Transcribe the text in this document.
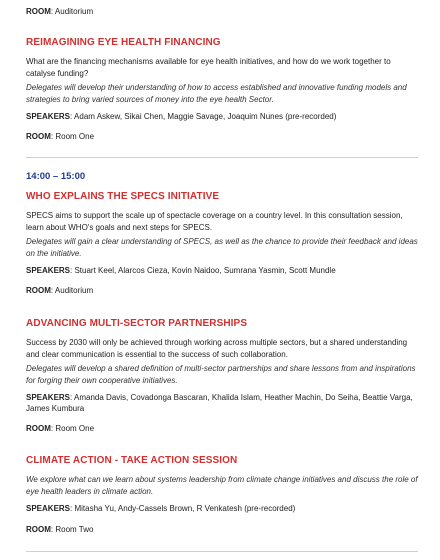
ROOM: Auditorium
REIMAGINING EYE HEALTH FINANCING
What are the financing mechanisms available for eye health initiatives, and how do we work together to catalyse funding?
Delegates will develop their understanding of how to access established and innovative funding models and strategies to bring varied sources of money into the eye health Sector.
SPEAKERS: Adam Askew, Sikai Chen, Maggie Savage, Joaquim Nunes (pre-recorded)
ROOM: Room One
14:00 – 15:00
WHO EXPLAINS THE SPECS INITIATIVE
SPECS aims to support the scale up of spectacle coverage on a country level. In this consultation session, learn about WHO's goals and next steps for SPECS.
Delegates will gain a clear understanding of SPECS, as well as the chance to provide their feedback and ideas on the initiative.
SPEAKERS: Stuart Keel, Alarcos Cieza, Kovin Naidoo, Sumrana Yasmin, Scott Mundle
ROOM: Auditorium
ADVANCING MULTI-SECTOR PARTNERSHIPS
Success by 2030 will only be achieved through working across multiple sectors, but a shared understanding and clear communication is essential to the success of such collaboration.
Delegates will develop a shared definition of multi-sector partnerships and share lessons from and inspirations for forging their own cooperative initiatives.
SPEAKERS: Amanda Davis, Covadonga Bascaran, Khalida Islam, Heather Machin, Do Seiha, Beattie Varga, James Kumbura
ROOM: Room One
CLIMATE ACTION - TAKE ACTION SESSION
We explore what can we learn about systems leadership from climate change initiatives and discuss the role of eye health leaders in climate action.
SPEAKERS: Mitasha Yu, Andy-Cassels Brown, R Venkatesh (pre-recorded)
ROOM: Room Two
